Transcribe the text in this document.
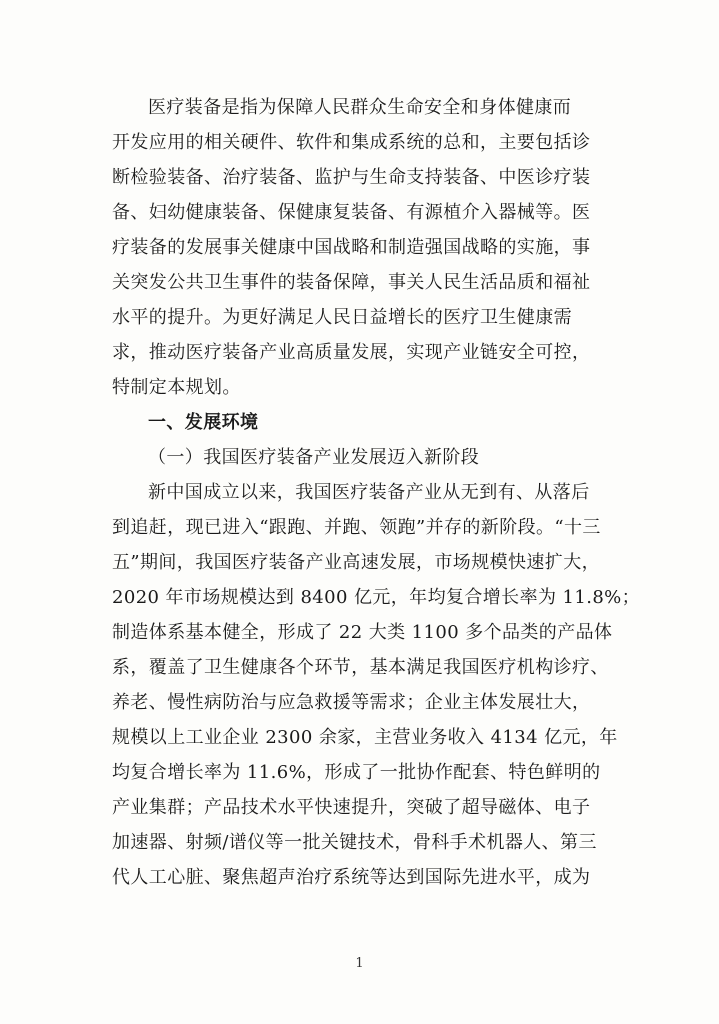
医疗装备是指为保障人民群众生命安全和身体健康而
开发应用的相关硬件、软件和集成系统的总和，主要包括诊
断检验装备、治疗装备、监护与生命支持装备、中医诊疗装
备、妇幼健康装备、保健康复装备、有源植介入器械等。医
疗装备的发展事关健康中国战略和制造强国战略的实施，事
关突发公共卫生事件的装备保障，事关人民生活品质和福祉
水平的提升。为更好满足人民日益增长的医疗卫生健康需
求，推动医疗装备产业高质量发展，实现产业链安全可控，
特制定本规划。
一、发展环境
（一）我国医疗装备产业发展迈入新阶段
新中国成立以来，我国医疗装备产业从无到有、从落后
到追赶，现已进入“跟跑、并跑、领跑”并存的新阶段。“十三
五”期间，我国医疗装备产业高速发展，市场规模快速扩大，
2020 年市场规模达到 8400 亿元，年均复合增长率为 11.8%；
制造体系基本健全，形成了 22 大类 1100 多个品类的产品体
系，覆盖了卫生健康各个环节，基本满足我国医疗机构诊疗、
养老、慢性病防治与应急救援等需求；企业主体发展壮大，
规模以上工业企业 2300 余家，主营业务收入 4134 亿元，年
均复合增长率为 11.6%，形成了一批协作配套、特色鲜明的
产业集群；产品技术水平快速提升，突破了超导磁体、电子
加速器、射频/谱仪等一批关键技术，骨科手术机器人、第三
代人工心脏、聚焦超声治疗系统等达到国际先进水平，成为
1
